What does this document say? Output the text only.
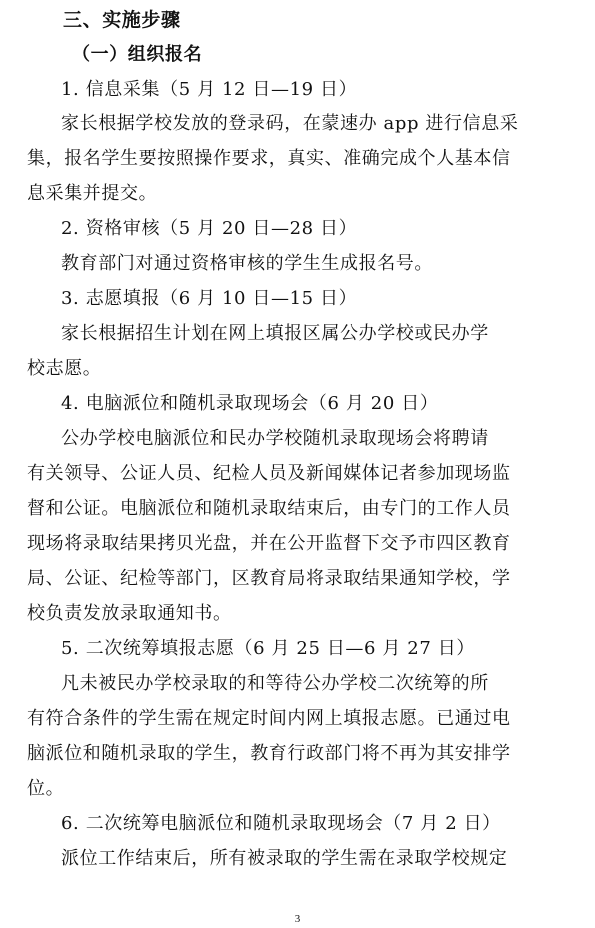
三、实施步骤
（一）组织报名
1. 信息采集（5 月 12 日—19 日）
家长根据学校发放的登录码，在蒙速办 app 进行信息采
集，报名学生要按照操作要求，真实、准确完成个人基本信
息采集并提交。
2. 资格审核（5 月 20 日—28 日）
教育部门对通过资格审核的学生生成报名号。
3. 志愿填报（6 月 10 日—15 日）
家长根据招生计划在网上填报区属公办学校或民办学
校志愿。
4. 电脑派位和随机录取现场会（6 月 20 日）
公办学校电脑派位和民办学校随机录取现场会将聘请
有关领导、公证人员、纪检人员及新闻媒体记者参加现场监
督和公证。电脑派位和随机录取结束后，由专门的工作人员
现场将录取结果拷贝光盘，并在公开监督下交予市四区教育
局、公证、纪检等部门，区教育局将录取结果通知学校，学
校负责发放录取通知书。
5. 二次统筹填报志愿（6 月 25 日—6 月 27 日）
凡未被民办学校录取的和等待公办学校二次统筹的所
有符合条件的学生需在规定时间内网上填报志愿。已通过电
脑派位和随机录取的学生，教育行政部门将不再为其安排学
位。
6. 二次统筹电脑派位和随机录取现场会（7 月 2 日）
派位工作结束后，所有被录取的学生需在录取学校规定
3
